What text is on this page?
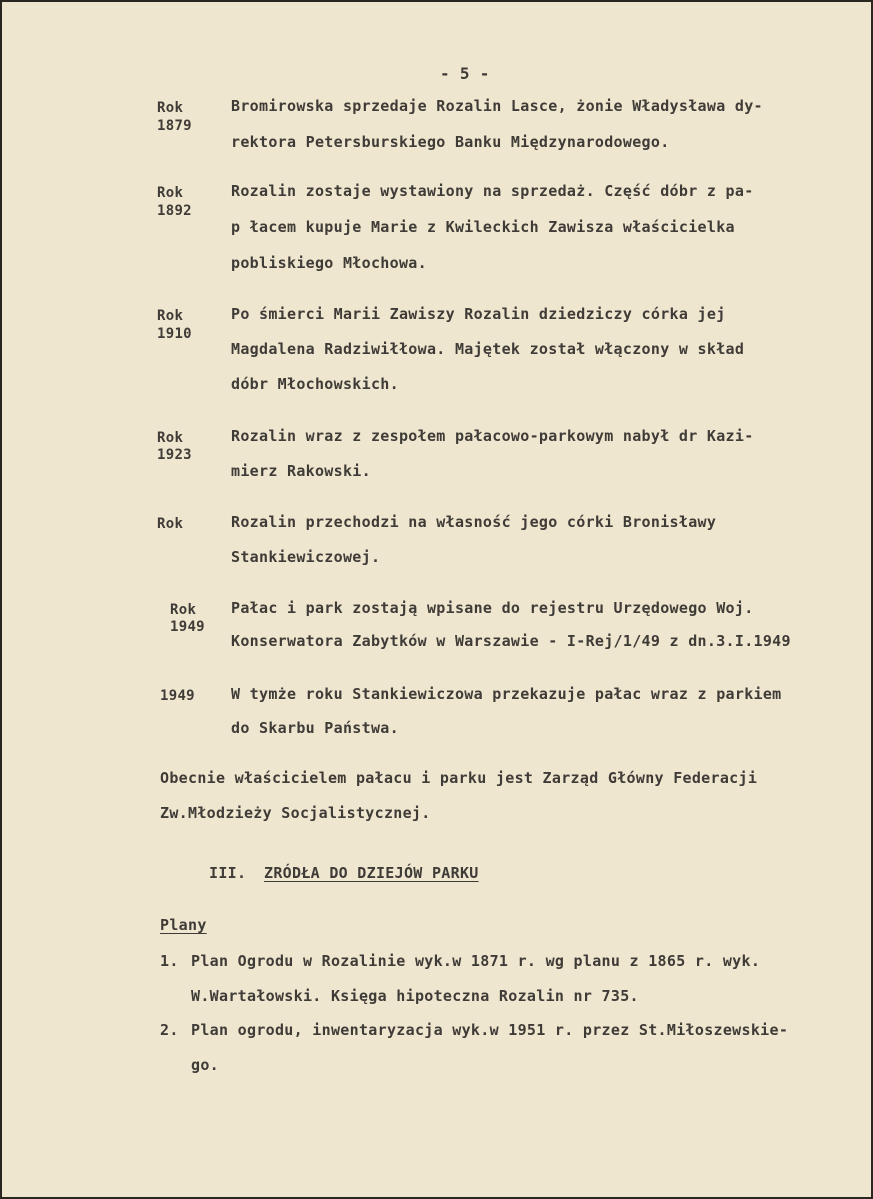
- 5 -

Rok

1879

Bromirowska sprzedaje Rozalin Lasce, żonie Władysława dy-

rektora Petersburskiego Banku Międzynarodowego.

Rok

1892

Rozalin zostaje wystawiony na sprzedaż. Część dóbr z pa-

p łacem kupuje Marie z Kwileckich Zawisza właścicielka

pobliskiego Młochowa.

Rok

1910

Po śmierci Marii Zawiszy Rozalin dziedziczy córka jej

Magdalena Radziwiłłowa. Majętek został włączony w skład

dóbr Młochowskich.

Rok

1923

Rozalin wraz z zespołem pałacowo-parkowym nabył dr Kazi-

mierz Rakowski.

Rok	Rozalin przechodzi na własność jego córki Bronisławy

Stankiewiczowej.

Rok

1949

Pałac i park zostają wpisane do rejestru Urzędowego Woj.

Konserwatora Zabytków w Warszawie - I-Rej/1/49 z dn.3.I.1949

1949 W tymże roku Stankiewiczowa przekazuje pałac wraz z parkiem

do Skarbu Państwa.

Obecnie właścicielem pałacu i parku jest Zarząd Główny Federacji

Zw.Młodzieży Socjalistycznej.

III. ZRÓDŁA DO DZIEJÓW PARKU

Plany

1. Plan Ogrodu w Rozalinie wyk.w 1871 r. wg planu z 1865 r. wyk.

W.Wartałowski. Księga hipoteczna Rozalin nr 735.

2. Plan ogrodu, inwentaryzacja wyk.w 1951 r. przez St.Miłoszewskie-

go.
